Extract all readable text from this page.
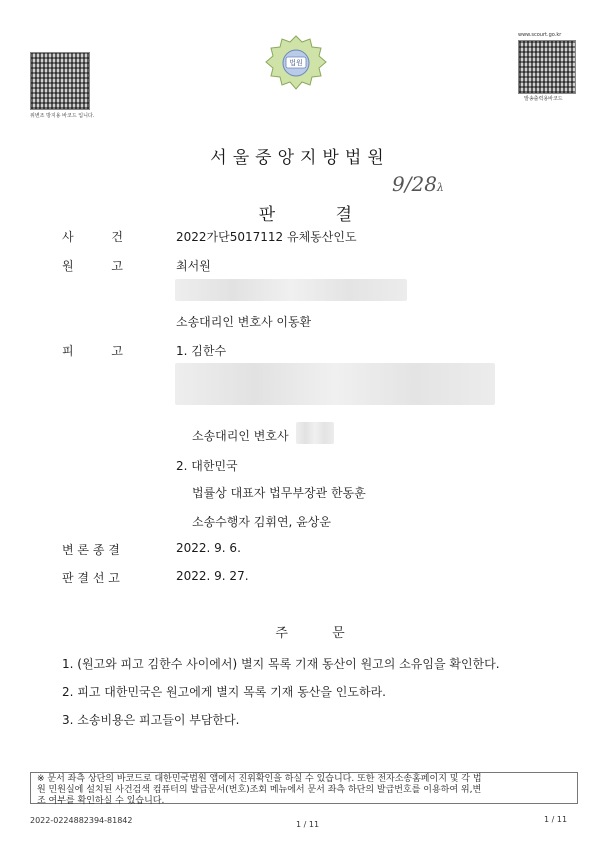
위변조 방지용 바코드 입니다.
법원
www.scourt.go.kr
발송출력용바코드
서울중앙지방법원

판 결

9/28λ
사 건	2022가단5017112 유체동산인도
원 고	최서원
소송대리인 변호사 이동환
피 고	1. 김한수
소송대리인 변호사
2. 대한민국
법률상 대표자 법무부장관 한동훈
소송수행자 김휘연, 윤상운
변 론 종 결	2022. 9. 6.
판 결 선 고	2022. 9. 27.
주 문
1. (원고와 피고 김한수 사이에서) 별지 목록 기재 동산이 원고의 소유임을 확인한다.
2. 피고 대한민국은 원고에게 별지 목록 기재 동산을 인도하라.
3. 소송비용은 피고들이 부담한다.
※ 문서 좌측 상단의 바코드로 대한민국법원 앱에서 진위확인을 하실 수 있습니다. 또한 전자소송홈페이지 및 각 법
원 민원실에 설치된 사건검색 컴퓨터의 발급문서(번호)조회 메뉴에서 문서 좌측 하단의 발급번호를 이용하여 위,변
조 여부를 확인하실 수 있습니다.
2022-0224882394-81842	1 / 11
1 / 11
